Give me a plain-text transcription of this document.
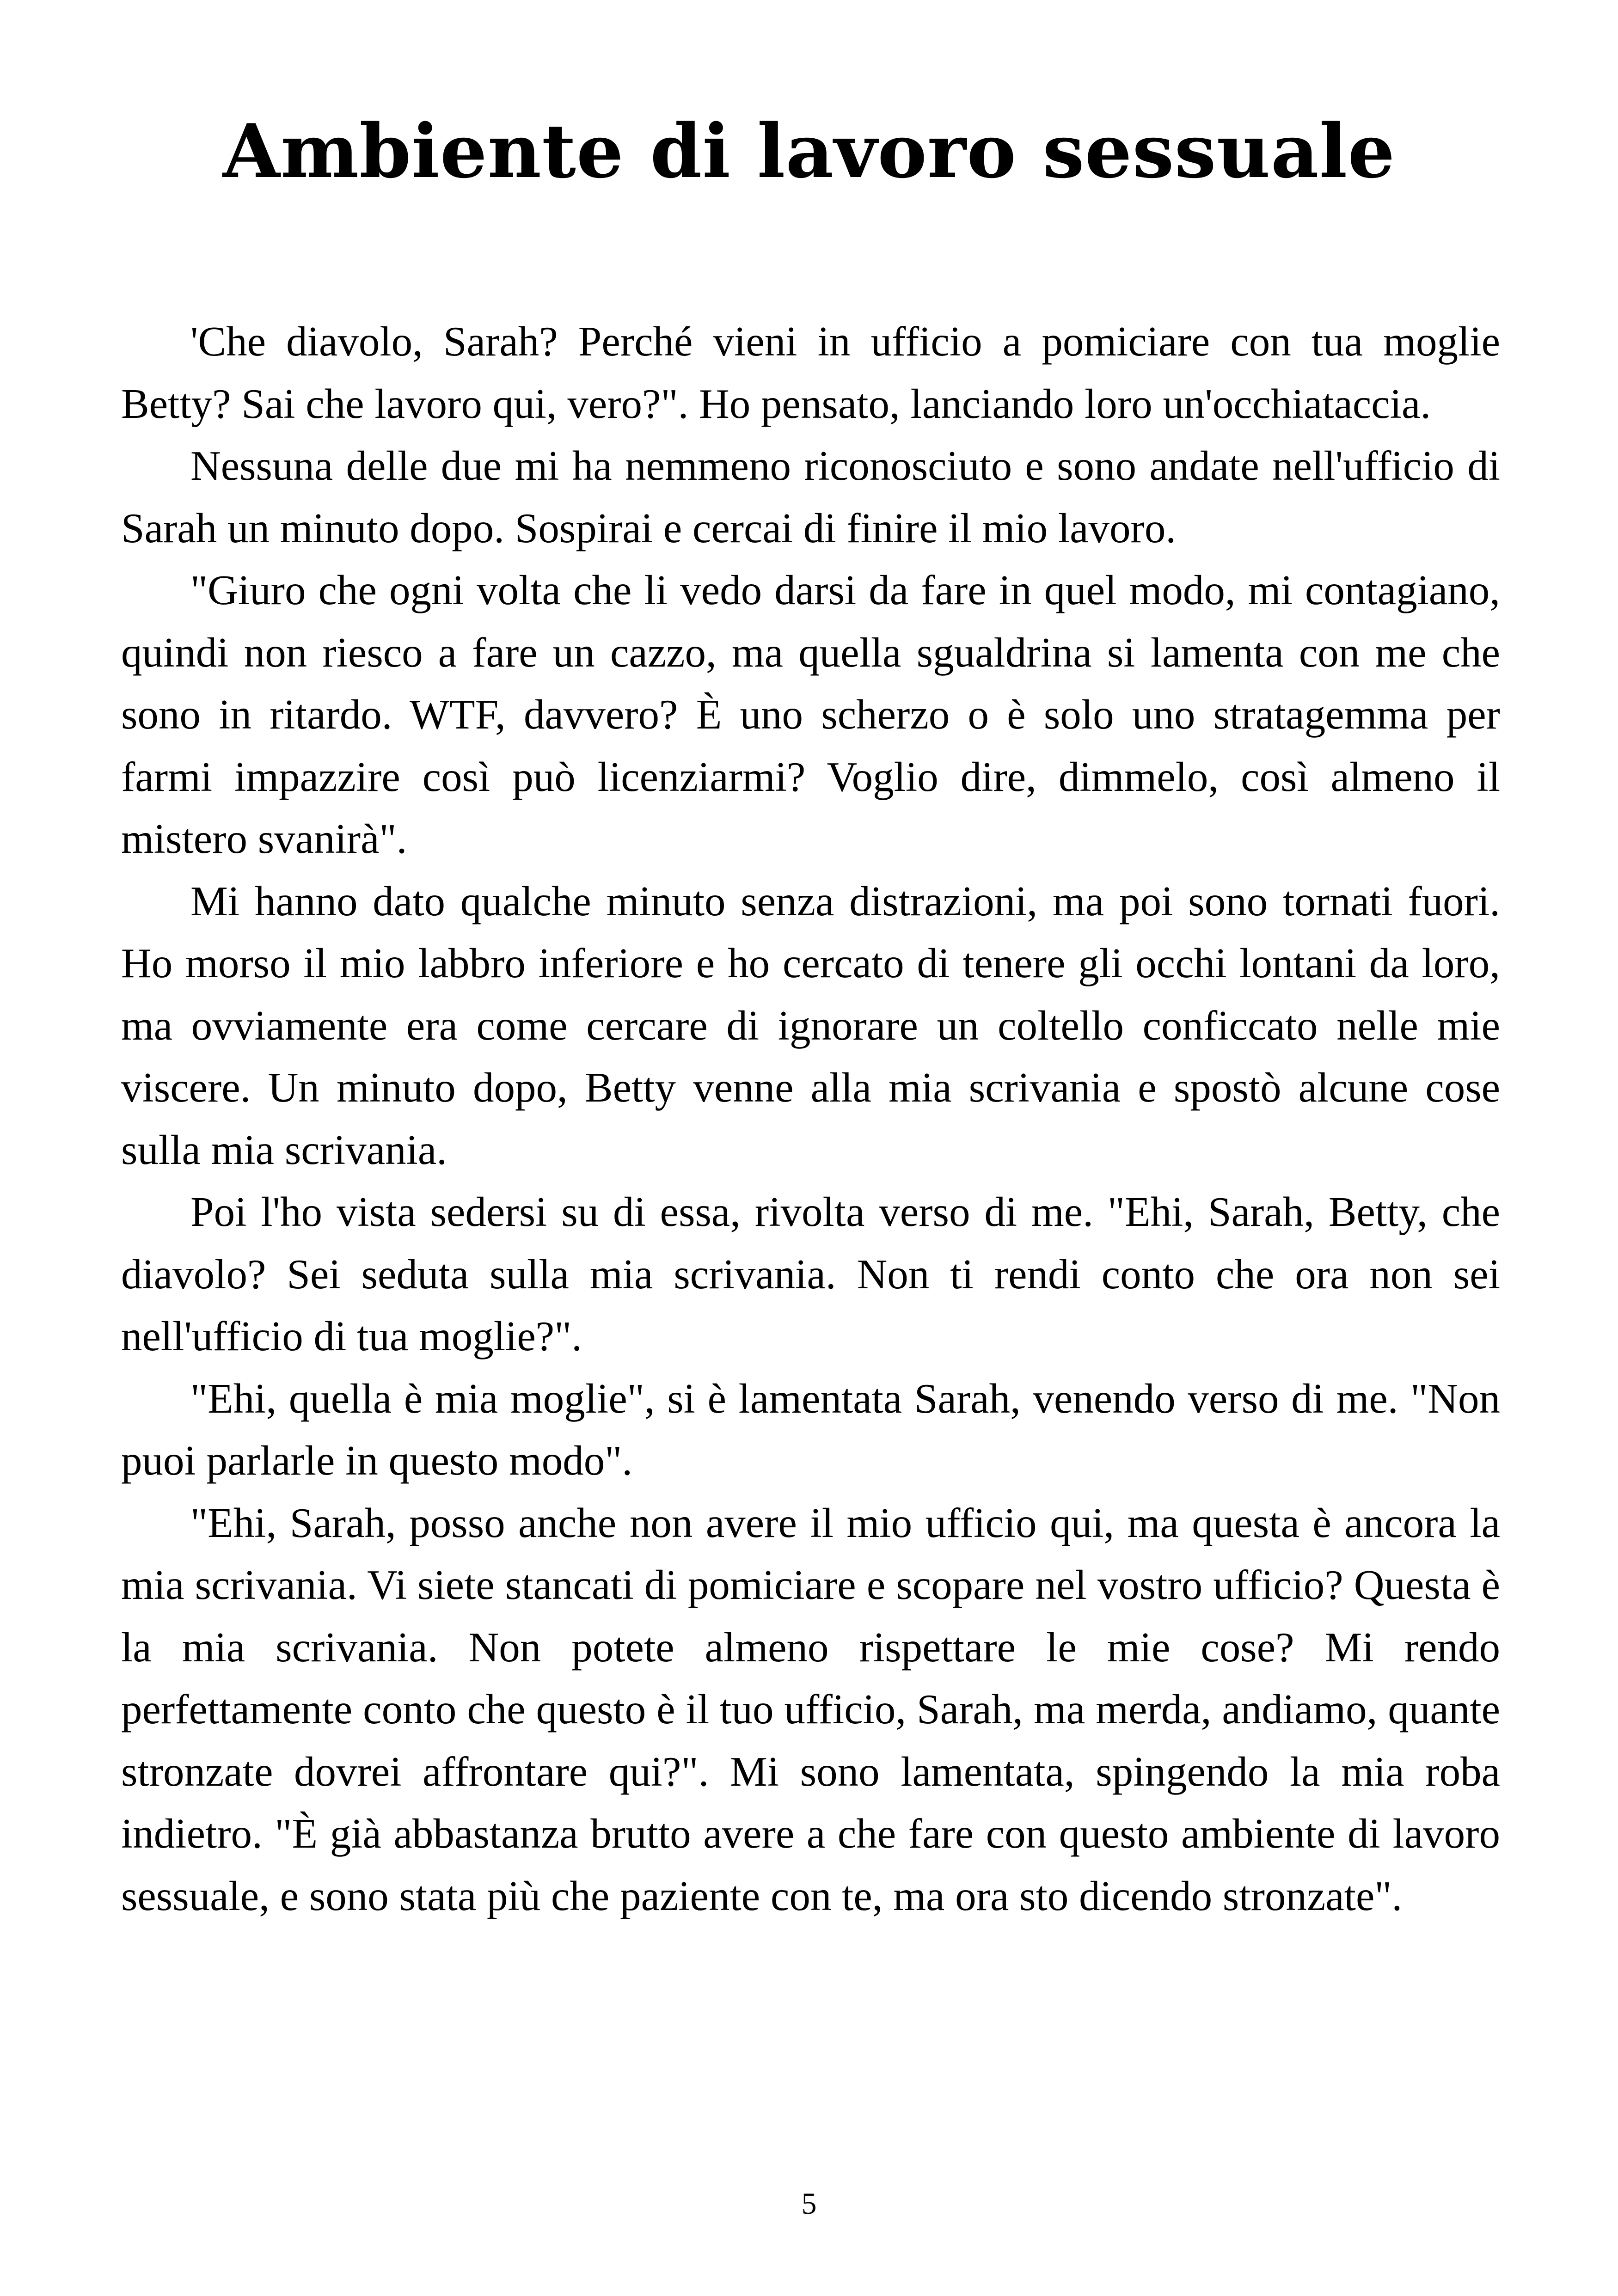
Ambiente di lavoro sessuale

'Che diavolo, Sarah? Perché vieni in ufficio a pomiciare con tua moglie Betty? Sai che lavoro qui, vero?". Ho pensato, lanciando loro un'occhiataccia.

Nessuna delle due mi ha nemmeno riconosciuto e sono andate nell'ufficio di Sarah un minuto dopo. Sospirai e cercai di finire il mio lavoro.

"Giuro che ogni volta che li vedo darsi da fare in quel modo, mi contagiano, quindi non riesco a fare un cazzo, ma quella sgualdrina si lamenta con me che sono in ritardo. WTF, davvero? È uno scherzo o è solo uno stratagemma per farmi impazzire così può licenziarmi? Voglio dire, dimmelo, così almeno il mistero svanirà".

Mi hanno dato qualche minuto senza distrazioni, ma poi sono tornati fuori. Ho morso il mio labbro inferiore e ho cercato di tenere gli occhi lontani da loro, ma ovviamente era come cercare di ignorare un coltello conficcato nelle mie viscere. Un minuto dopo, Betty venne alla mia scrivania e spostò alcune cose sulla mia scrivania.

Poi l'ho vista sedersi su di essa, rivolta verso di me. "Ehi, Sarah, Betty, che diavolo? Sei seduta sulla mia scrivania. Non ti rendi conto che ora non sei nell'ufficio di tua moglie?".

"Ehi, quella è mia moglie", si è lamentata Sarah, venendo verso di me. "Non puoi parlarle in questo modo".

"Ehi, Sarah, posso anche non avere il mio ufficio qui, ma questa è ancora la mia scrivania. Vi siete stancati di pomiciare e scopare nel vostro ufficio? Questa è la mia scrivania. Non potete almeno rispettare le mie cose? Mi rendo perfettamente conto che questo è il tuo ufficio, Sarah, ma merda, andiamo, quante stronzate dovrei affrontare qui?". Mi sono lamentata, spingendo la mia roba indietro. "È già abbastanza brutto avere a che fare con questo ambiente di lavoro sessuale, e sono stata più che paziente con te, ma ora sto dicendo stronzate".

5
